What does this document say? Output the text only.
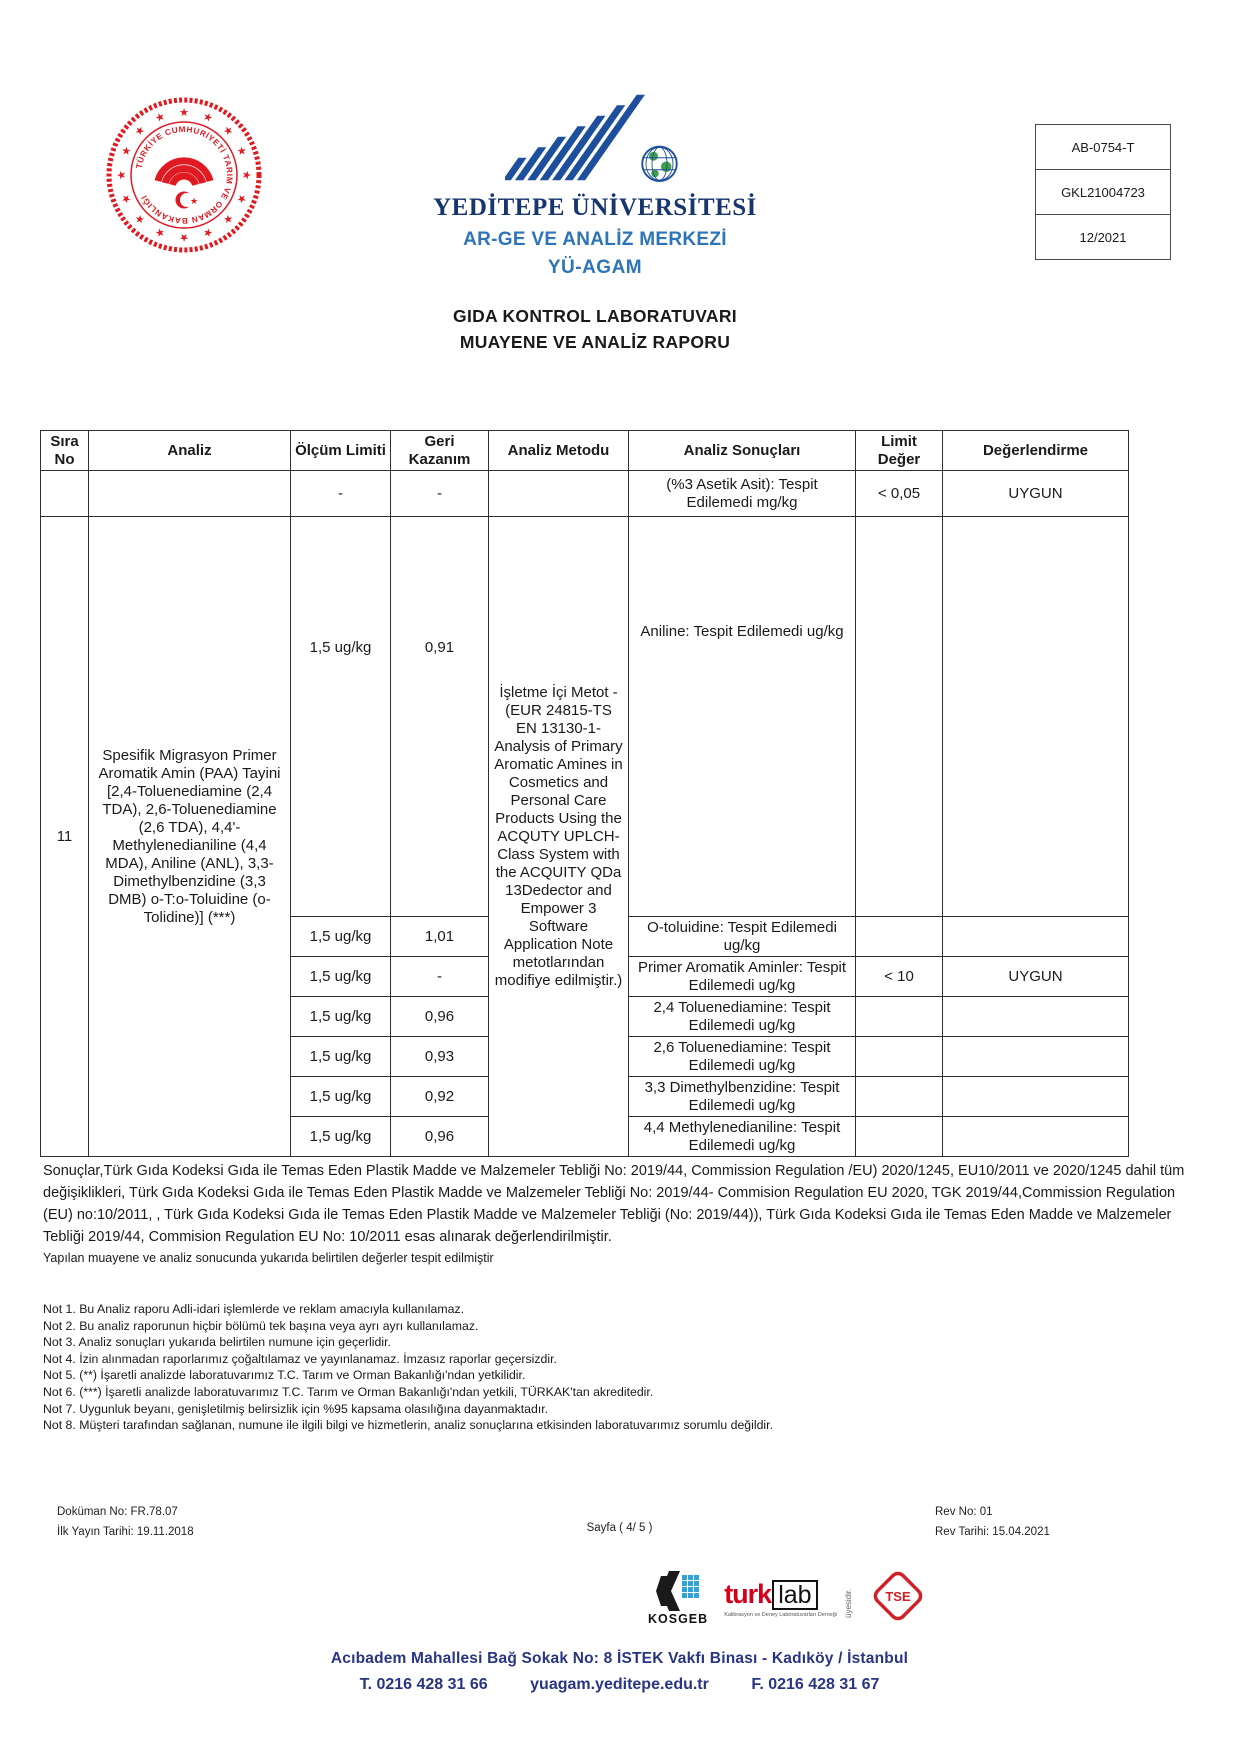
★ ★
★
★
★
★
★
★
★
★
★
★
★
★
★
★
TÜRKİYE CUMHURİYETİ TARIM VE ORMAN BAKANLIĞI	★	YEDİTEPE ÜNİVERSİTESİ
AR-GE VE ANALİZ MERKEZİ
YÜ-AGAM
AB-0754-T
GKL21004723
12/2021
GIDA KONTROL LABORATUVARI
MUAYENE VE ANALİZ RAPORU
Sıra No	Analiz	Ölçüm Limiti	Geri Kazanım	Analiz Metodu	Analiz Sonuçları	Limit Değer	Değerlendirme
		-	-		(%3 Asetik Asit): Tespit Edilemedi mg/kg	< 0,05	UYGUN
11	Spesifik Migrasyon Primer Aromatik Amin (PAA) Tayini [2,4-Toluenediamine (2,4 TDA), 2,6-Toluenediamine (2,6 TDA), 4,4'- Methylenedianiline (4,4 MDA), Aniline (ANL), 3,3- Dimethylbenzidine (3,3 DMB) o-T:o-Toluidine (o-Tolidine)] (***)	1,5 ug/kg	0,91	İşletme İçi Metot - (EUR 24815-TS EN 13130-1- Analysis of Primary Aromatic Amines in Cosmetics and Personal Care Products Using the ACQUTY UPLCH-Class System with the ACQUITY QDa 13Dedector and Empower 3 Software Application Note metotlarından modifiye edilmiştir.)	Aniline: Tespit Edilemedi ug/kg		
		1,5 ug/kg	1,01		O-toluidine: Tespit Edilemedi ug/kg		
		1,5 ug/kg	-		Primer Aromatik Aminler: Tespit Edilemedi ug/kg	< 10	UYGUN
		1,5 ug/kg	0,96		2,4 Toluenediamine: Tespit Edilemedi ug/kg		
		1,5 ug/kg	0,93		2,6 Toluenediamine: Tespit Edilemedi ug/kg		
		1,5 ug/kg	0,92		3,3 Dimethylbenzidine: Tespit Edilemedi ug/kg		
		1,5 ug/kg	0,96		4,4 Methylenedianiline: Tespit Edilemedi ug/kg		
Sonuçlar,Türk Gıda Kodeksi Gıda ile Temas Eden Plastik Madde ve Malzemeler Tebliği No: 2019/44, Commission Regulation /EU) 2020/1245, EU10/2011 ve 2020/1245 dahil tüm değişiklikleri, Türk Gıda Kodeksi Gıda ile Temas Eden Plastik Madde ve Malzemeler Tebliği No: 2019/44- Commision Regulation EU 2020, TGK 2019/44,Commission Regulation (EU) no:10/2011, , Türk Gıda Kodeksi Gıda ile Temas Eden Plastik Madde ve Malzemeler Tebliği (No: 2019/44)), Türk Gıda Kodeksi Gıda ile Temas Eden Madde ve Malzemeler Tebliği 2019/44, Commision Regulation EU No: 10/2011 esas alınarak değerlendirilmiştir.
Yapılan muayene ve analiz sonucunda yukarıda belirtilen değerler tespit edilmiştir
Not 1. Bu Analiz raporu Adli-idari işlemlerde ve reklam amacıyla kullanılamaz.
Not 2. Bu analiz raporunun hiçbir bölümü tek başına veya ayrı ayrı kullanılamaz.
Not 3. Analiz sonuçları yukarıda belirtilen numune için geçerlidir.
Not 4. İzin alınmadan raporlarımız çoğaltılamaz ve yayınlanamaz. İmzasız raporlar geçersizdir.
Not 5. (**) İşaretli analizde laboratuvarımız T.C. Tarım ve Orman Bakanlığı'ndan yetkilidir.
Not 6. (***) İşaretli analizde laboratuvarımız T.C. Tarım ve Orman Bakanlığı'ndan yetkili, TÜRKAK'tan akreditedir.
Not 7. Uygunluk beyanı, genişletilmiş belirsizlik için %95 kapsama olasılığına dayanmaktadır.
Not 8. Müşteri tarafından sağlanan, numune ile ilgili bilgi ve hizmetlerin, analiz sonuçlarına etkisinden laboratuvarımız sorumlu değildir.
Doküman No: FR.78.07
İlk Yayın Tarihi: 19.11.2018	Sayfa ( 4/ 5 )
Rev No: 01
Rev Tarihi: 15.04.2021
KOSGEB
turk lab
Kalibrasyon ve Deney Laboratuvarları Derneği üyesidir. TSE
Acıbadem Mahallesi Bağ Sokak No: 8 İSTEK Vakfı Binası - Kadıköy / İstanbul
T. 0216 428 31 66	yuagam.yeditepe.edu.tr	F. 0216 428 31 67
